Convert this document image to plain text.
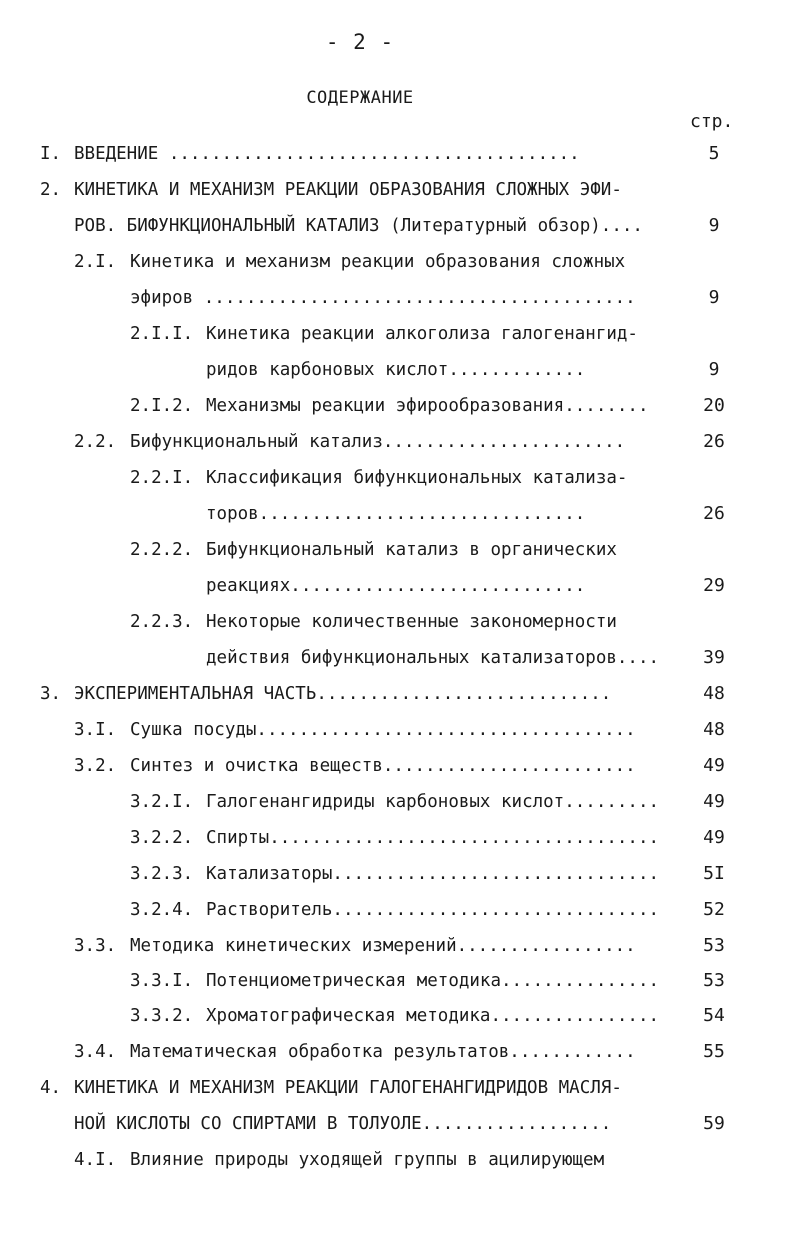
- 2 -
СОДЕРЖАНИЕ
стр.
I. ВВЕДЕНИЕ .......................................	5
2. КИНЕТИКА И МЕХАНИЗМ РЕАКЦИИ ОБРАЗОВАНИЯ СЛОЖНЫХ ЭФИ-
РОВ. БИФУНКЦИОНАЛЬНЫЙ КАТАЛИЗ (Литературный обзор)....	9
2.I. Кинетика и механизм реакции образования сложных
эфиров .........................................	9
2.I.I. Кинетика реакции алкоголиза галогенангид-
ридов карбоновых кислот.............	9
2.I.2. Механизмы реакции эфирообразования........	20
2.2. Бифункциональный катализ.......................	26
2.2.I. Классификация бифункциональных катализа-
торов...............................	26
2.2.2. Бифункциональный катализ в органических
реакциях............................	29
2.2.3. Некоторые количественные закономерности
действия бифункциональных катализаторов....	39
3. ЭКСПЕРИМЕНТАЛЬНАЯ ЧАСТЬ............................	48
3.I. Сушка посуды....................................	48
3.2. Синтез и очистка веществ........................	49
3.2.I. Галогенангидриды карбоновых кислот.........	49
3.2.2. Спирты.....................................	49
3.2.3. Катализаторы...............................	5I
3.2.4. Растворитель...............................	52
3.3. Методика кинетических измерений.................	53
3.3.I. Потенциометрическая методика...............	53
3.3.2. Хроматографическая методика................	54
3.4. Математическая обработка результатов............	55
4. КИНЕТИКА И МЕХАНИЗМ РЕАКЦИИ ГАЛОГЕНАНГИДРИДОВ МАСЛЯ-
НОЙ КИСЛОТЫ СО СПИРТАМИ В ТОЛУОЛЕ..................	59
4.I. Влияние природы уходящей группы в ацилирующем
